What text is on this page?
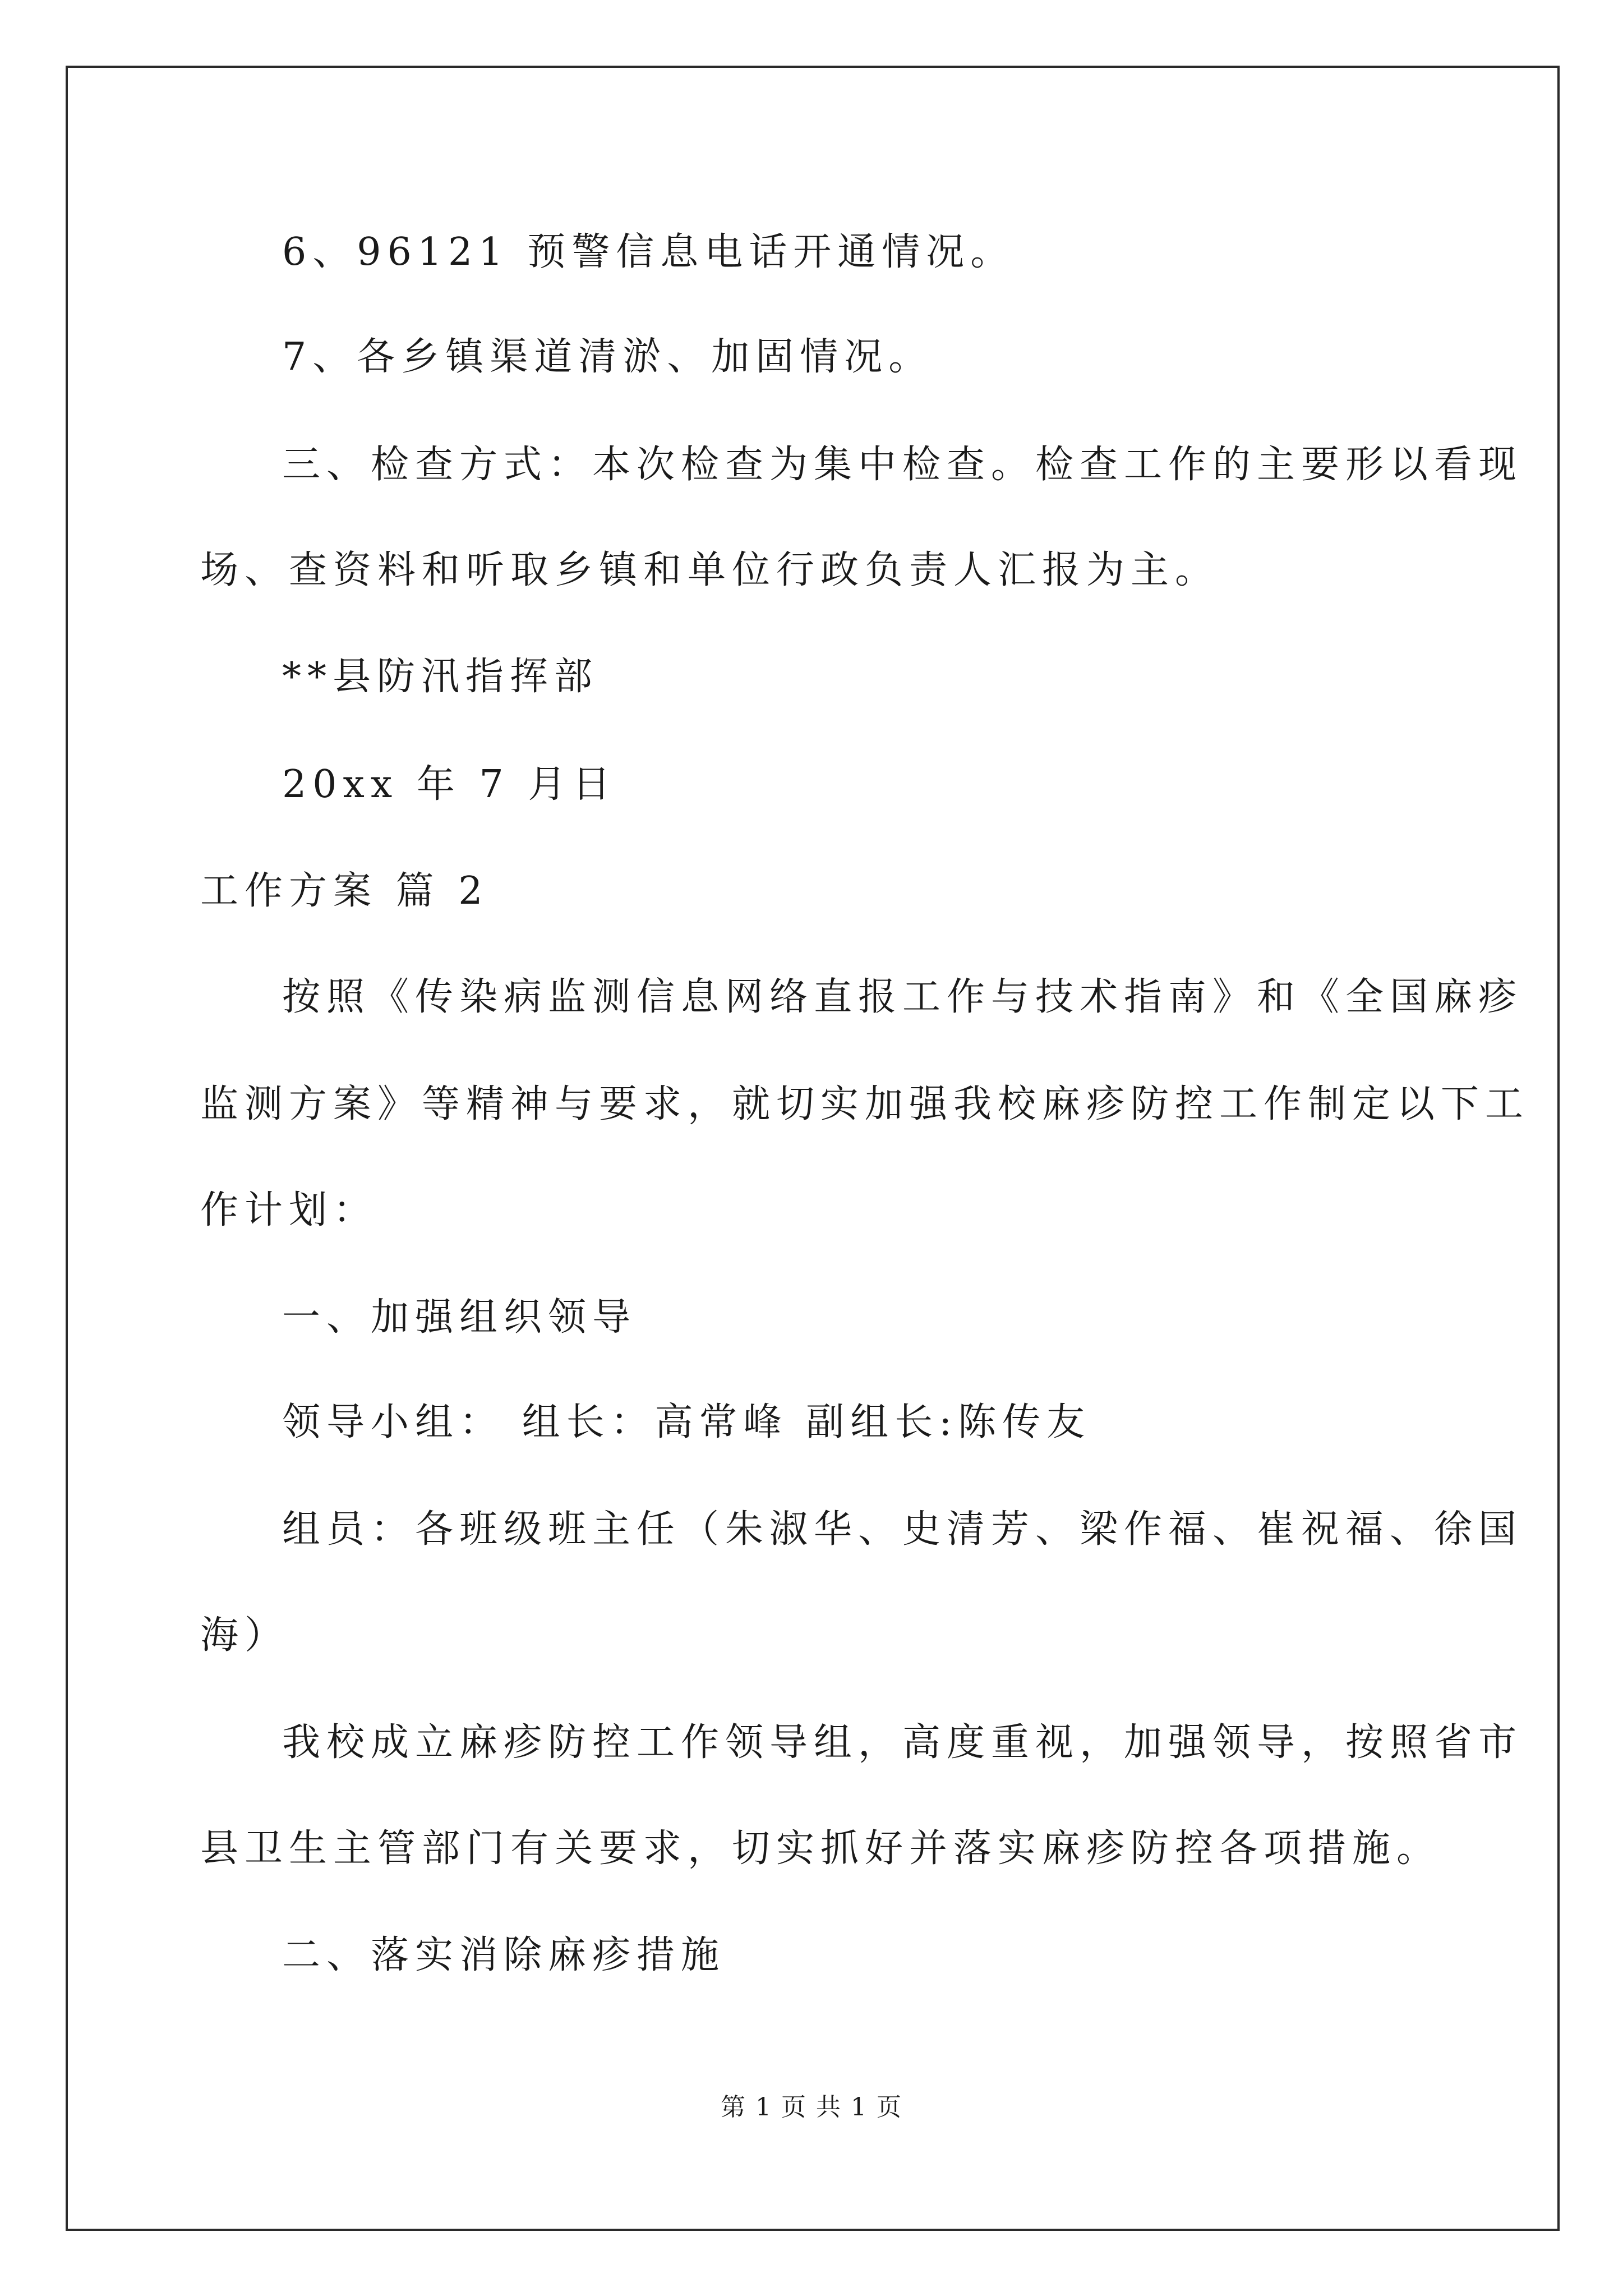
6、96121 预警信息电话开通情况。

7、各乡镇渠道清淤、加固情况。

三、检查方式：本次检查为集中检查。检查工作的主要形以看现

场、查资料和听取乡镇和单位行政负责人汇报为主。

**县防汛指挥部

20xx 年 7 月日

工作方案 篇 2

按照《传染病监测信息网络直报工作与技术指南》和《全国麻疹

监测方案》等精神与要求，就切实加强我校麻疹防控工作制定以下工

作计划：

一、加强组织领导

领导小组： 组长：高常峰 副组长:陈传友

组员：各班级班主任（朱淑华、史清芳、梁作福、崔祝福、徐国

海）

我校成立麻疹防控工作领导组，高度重视，加强领导，按照省市

县卫生主管部门有关要求，切实抓好并落实麻疹防控各项措施。

二、落实消除麻疹措施

第 1 页 共 1 页
